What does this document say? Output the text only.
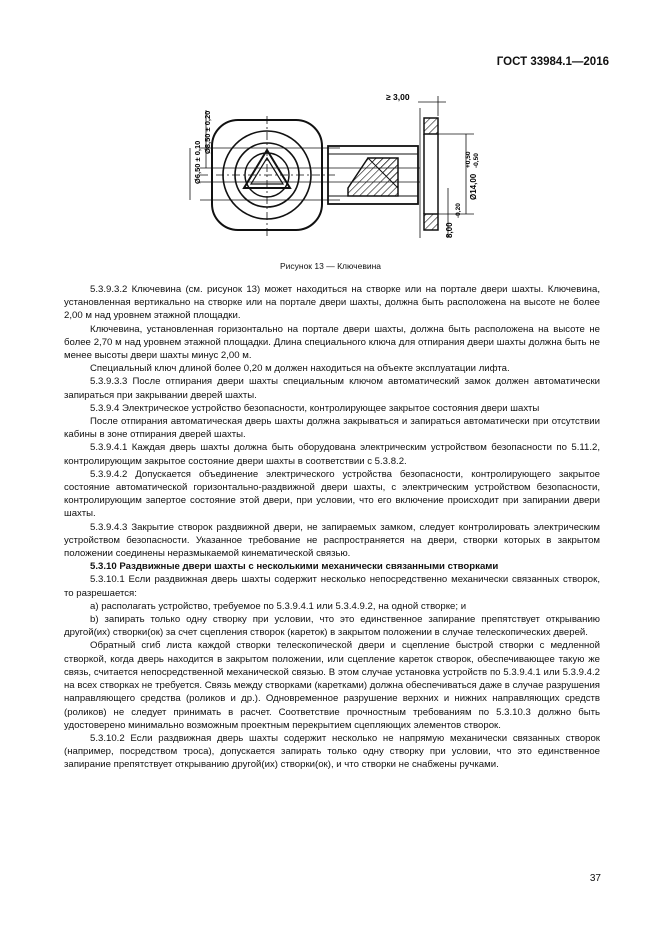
ГОСТ 33984.1—2016
≥ 3,00
Ø8,50 ± 0,20
Ø6,50 ± 0,10
Ø14,00
+0,50 -0,50
8,00
-0,20
Рисунок 13 — Ключевина

5.3.9.3.2 Ключевина (см. рисунок 13) может находиться на створке или на портале двери шахты. Ключевина, установленная вертикально на створке или на портале двери шахты, должна быть расположена на высоте не более 2,00 м над уровнем этажной площадки.

Ключевина, установленная горизонтально на портале двери шахты, должна быть расположена на высоте не более 2,70 м над уровнем этажной площадки. Длина специального ключа для отпирания двери шахты должна быть не менее высоты двери шахты минус 2,00 м.

Специальный ключ длиной более 0,20 м должен находиться на объекте эксплуатации лифта.

5.3.9.3.3 После отпирания двери шахты специальным ключом автоматический замок должен автоматически запираться при закрывании дверей шахты.

5.3.9.4 Электрическое устройство безопасности, контролирующее закрытое состояния двери шахты

После отпирания автоматическая дверь шахты должна закрываться и запираться автоматически при отсутствии кабины в зоне отпирания дверей шахты.

5.3.9.4.1 Каждая дверь шахты должна быть оборудована электрическим устройством безопасности по 5.11.2, контролирующим закрытое состояние двери шахты в соответствии с 5.3.8.2.

5.3.9.4.2 Допускается объединение электрического устройства безопасности, контролирующего закрытое состояние автоматической горизонтально-раздвижной двери шахты, с электрическим устройством безопасности, контролирующим запертое состояние этой двери, при условии, что его включение происходит при запирании двери шахты.

5.3.9.4.3 Закрытие створок раздвижной двери, не запираемых замком, следует контролировать электрическим устройством безопасности. Указанное требование не распространяется на двери, створки которых в закрытом положении соединены неразмыкаемой кинематической связью.

5.3.10 Раздвижные двери шахты с несколькими механически связанными створками

5.3.10.1 Если раздвижная дверь шахты содержит несколько непосредственно механически связанных створок, то разрешается:

а) располагать устройство, требуемое по 5.3.9.4.1 или 5.3.4.9.2, на одной створке; и

b) запирать только одну створку при условии, что это единственное запирание препятствует открыванию другой(их) створки(ок) за счет сцепления створок (кареток) в закрытом положении в случае телескопических дверей.

Обратный сгиб листа каждой створки телескопической двери и сцепление быстрой створки с медленной створкой, когда дверь находится в закрытом положении, или сцепление кареток створок, обеспечивающее такую же связь, считается непосредственной механической связью. В этом случае установка устройств по 5.3.9.4.1 или 5.3.9.4.2 на всех створках не требуется. Связь между створками (каретками) должна обеспечиваться даже в случае разрушения направляющего средства (роликов и др.). Одновременное разрушение верхних и нижних направляющих средств (роликов) не следует принимать в расчет. Соответствие прочностным требованиям по 5.3.10.3 должно быть удостоверено минимально возможным проектным перекрытием сцепляющих элементов створок.

5.3.10.2 Если раздвижная дверь шахты содержит несколько не напрямую механически связанных створок (например, посредством троса), допускается запирать только одну створку при условии, что это единственное запирание препятствует открыванию другой(их) створки(ок), и что створки не снабжены ручками.

37
